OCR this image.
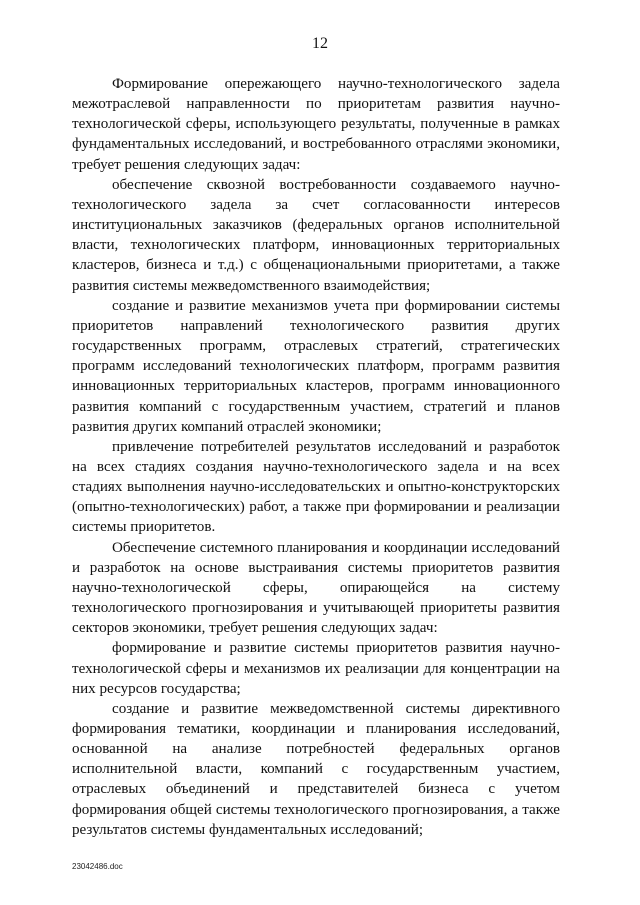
12

Формирование опережающего научно-технологического задела межотраслевой направленности по приоритетам развития научно-технологической сферы, использующего результаты, полученные в рамках фундаментальных исследований, и востребованного отраслями экономики, требует решения следующих задач:

обеспечение сквозной востребованности создаваемого научно-технологического задела за счет согласованности интересов институциональных заказчиков (федеральных органов исполнительной власти, технологических платформ, инновационных территориальных кластеров, бизнеса и т.д.) с общенациональными приоритетами, а также развития системы межведомственного взаимодействия;

создание и развитие механизмов учета при формировании системы приоритетов направлений технологического развития других государственных программ, отраслевых стратегий, стратегических программ исследований технологических платформ, программ развития инновационных территориальных кластеров, программ инновационного развития компаний с государственным участием, стратегий и планов развития других компаний отраслей экономики;

привлечение потребителей результатов исследований и разработок на всех стадиях создания научно-технологического задела и на всех стадиях выполнения научно-исследовательских и опытно-конструкторских (опытно-технологических) работ, а также при формировании и реализации системы приоритетов.

Обеспечение системного планирования и координации исследований и разработок на основе выстраивания системы приоритетов развития научно-технологической сферы, опирающейся на систему технологического прогнозирования и учитывающей приоритеты развития секторов экономики, требует решения следующих задач:

формирование и развитие системы приоритетов развития научно-технологической сферы и механизмов их реализации для концентрации на них ресурсов государства;

создание и развитие межведомственной системы директивного формирования тематики, координации и планирования исследований, основанной на анализе потребностей федеральных органов исполнительной власти, компаний с государственным участием, отраслевых объединений и представителей бизнеса с учетом формирования общей системы технологического прогнозирования, а также результатов системы фундаментальных исследований;

23042486.doc
